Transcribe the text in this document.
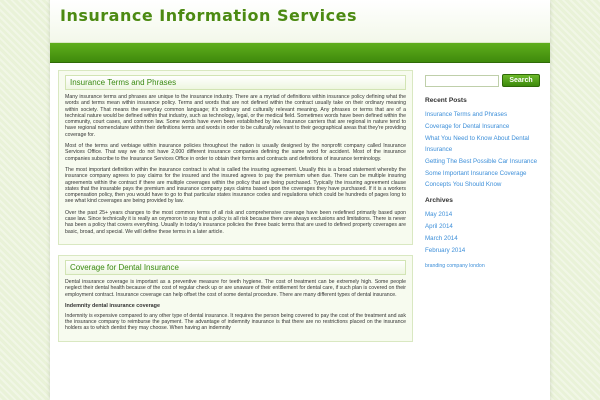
Insurance Information Services
Insurance Terms and Phrases

Many insurance terms and phrases are unique to the insurance industry. There are a myriad of definitions within insurance policy defining what the words and terms mean within insurance policy. Terms and words that are not defined within the contract usually take on their ordinary meaning within society. That means the everyday common language; it's ordinary and culturally relevant meaning. Any phrases or terms that are of a technical nature would be defined within that industry, such as technology, legal, or the medical field. Sometimes words have been defined within the community, court cases, and common law. Some words have even been established by law. Insurance carriers that are regional in nature tend to have regional nomenclature within their definitions terms and words in order to be culturally relevant to their geographical areas that they're providing coverage for.

Most of the terms and verbiage within insurance policies throughout the nation is usually designed by the nonprofit company called Insurance Services Office. That way we do not have 2,000 different insurance companies defining the same word for accident. Most of the insurance companies subscribe to the Insurance Services Office in order to obtain their forms and contracts and definitions of insurance terminology.

The most important definition within the insurance contract is what is called the insuring agreement. Usually this is a broad statement whereby the insurance company agrees to pay claims for the insured and the insured agrees to pay the premium when due. There can be multiple insuring agreements within the contract if there are multiple coverages within the policy that are being purchased. Typically the insuring agreement clause states that the insurable pays the premium and insurance company pays claims based upon the coverages they have purchased. If it is a workers compensation policy, then you would have to go to that particular states insurance codes and regulations which could be hundreds of pages long to see what kind coverages are being provided by law.

Over the past 25+ years changes to the most common terms of all risk and comprehensive coverage have been redefined primarily based upon case law. Since technically it is really an oxymoron to say that a policy is all risk because there are always exclusions and limitations. There is never has been a policy that covers everything. Usually in today's insurance policies the three basic terms that are used to defined property coverages are basic, broad, and special. We will define these terms in a later article.

Coverage for Dental Insurance

Dental insurance coverage is important as a preventive measure for teeth hygiene. The cost of treatment can be extremely high. Some people neglect their dental health because of the cost of regular check up or are unaware of their entitlement for dental care, if such plan is covered on their employment contract. Insurance coverage can help offset the cost of some dental procedure. There are many different types of dental insurance.

Indemnity dental insurance coverage

Indemnity is expensive compared to any other type of dental insurance. It requires the person being covered to pay the cost of the treatment and ask the insurance company to reimburse the payment. The advantage of indemnity insurance is that there are no restrictions placed on the insurance holders as to which dentist they may choose. When having an indemnity

Search
Recent Posts
Insurance Terms and Phrases
Coverage for Dental Insurance
What You Need to Know About Dental Insurance
Getting The Best Possible Car Insurance
Some Important Insurance Coverage Concepts You Should Know
Archives
May 2014
April 2014
March 2014
February 2014
branding company london
